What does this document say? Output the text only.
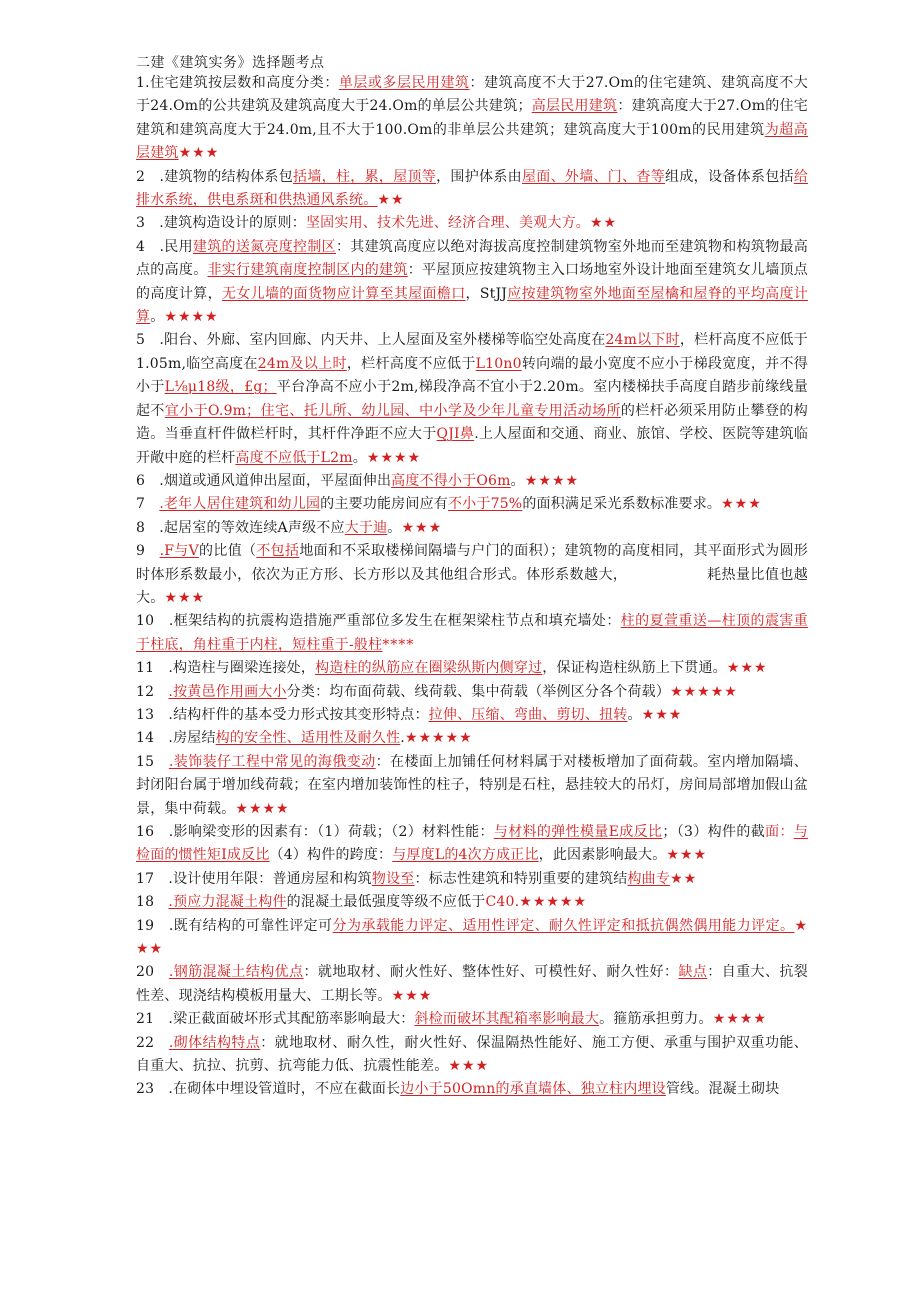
二建《建筑实务》选择题考点
1.住宅建筑按层数和高度分类：单层或多层民用建筑：建筑高度不大于27.Om的住宅建筑、建筑高度不大于24.Om的公共建筑及建筑高度大于24.Om的单层公共建筑；高层民用建筑：建筑高度大于27.Om的住宅建筑和建筑高度大于24.0m,且不大于100.Om的非单层公共建筑；建筑高度大于100m的民用建筑为超高层建筑★★★
2　.建筑物的结构体系包括墙，柱，累，屋顶等，围护体系由屋面、外墙、门、杳等组成，设备体系包括给排水系统，供电系斑和供热通风系统。★★
3　.建筑构造设计的原则：坚固实用、技术先进、经济合理、美观大方。★★
4　.民用建筑的送氮亮度控制区：其建筑高度应以绝对海拔高度控制建筑物室外地而至建筑物和构筑物最高点的高度。非实行建筑南度控制区内的建筑：平屋顶应按建筑物主入口场地室外设计地面至建筑女儿墙顶点的高度计算，无女儿墙的面货物应计算至其屋面檐口，StJJ应按建筑物室外地面至屋檎和屋脊的平均高度计算。★★★★
5　.阳台、外廊、室内回廊、内天井、上人屋面及室外楼梯等临空处高度在24m以下时，栏杆高度不应低于1.05m,临空高度在24m及以上时，栏杆高度不应低于L10n0转向端的最小宽度不应小于梯段宽度，并不得小于L⅛μ18级，£g；平台净高不应小于2m,梯段净高不宜小于2.20m。室内楼梯扶手高度自踏步前缘线量起不宜小于O.9m；住宅、托儿所、幼儿园、中小学及少年儿童专用活动场所的栏杆必须采用防止攀登的构造。当垂直杆件做栏杆时，其杆件净距不应大于QJI鼻.上人屋面和交通、商业、旅馆、学校、医院等建筑临开敞中庭的栏杆高度不应低于L2m。★★★★
6　.烟道或通风道伸出屋面，平屋面伸出高度不得小于O6m。★★★★
7　.老年人居住建筑和幼儿园的主要功能房间应有不小于75%的面积满足采光系数标准要求。★★★
8　.起居室的等效连续A声级不应大于迪。★★★
9　.F与V的比值（不包括地面和不采取楼梯间隔墙与户门的面积）；建筑物的高度相同，其平面形式为圆形时体形系数最小，依次为正方形、长方形以及其他组合形式。体形系数越大，　　　　　　耗热量比值也越大。★★★
10　.框架结构的抗震构造措施严重部位多发生在框架梁柱节点和填充墙处：柱的夏萱重送—柱顶的震害重于柱底，角柱重于内柱，短柱重于-般柱****
11　.构造柱与圈梁连接处，构造柱的纵筋应在圈梁纵斯内侧穿过，保证构造柱纵筋上下贯通。★★★
12　.按黄邑作用画大小分类：均布面荷载、线荷载、集中荷载（举例区分各个荷载）★★★★★
13　.结构杆件的基本受力形式按其变形特点：拉伸、压缩、弯曲、剪切、扭转。★★★
14　.房屋结构的安全性、适用性及耐久性.★★★★★
15　.装饰装仔工程中常见的海俄变动：在楼面上加铺任何材料属于对楼板增加了面荷载。室内增加隔墙、封闭阳台属于增加线荷载；在室内增加装饰性的柱子，特别是石柱，悬挂较大的吊灯，房间局部增加假山盆景，集中荷载。★★★★
16　.影响梁变形的因素有：（1）荷载；（2）材料性能：与材料的弹性模量E成反比；（3）构件的截面：与检面的惯性矩I成反比（4）构件的跨度：与厚度L的4次方成正比，此因素影响最大。★★★
17　.设计使用年限：普通房屋和构筑物设至：标志性建筑和特别重要的建筑结构曲专★★
18　.预应力混凝土构件的混凝土最低强度等级不应低于C40.★★★★★
19　.既有结构的可靠性评定可分为承载能力评定、适用性评定、耐久性评定和抵抗偶然偶用能力评定。★★★
20　.钢筋混凝土结构优点：就地取材、耐火性好、整体性好、可模性好、耐久性好：缺点：自重大、抗裂性差、现浇结构模板用量大、工期长等。★★★
21　.梁正截面破坏形式其配筋率影响最大：斜检而破坏其配箱率影响最大。箍筋承担剪力。★★★★
22　.砌体结构特点：就地取材、耐久性，耐火性好、保温隔热性能好、施工方便、承重与围护双重功能、自重大、抗拉、抗剪、抗弯能力低、抗震性能差。★★★
23　.在砌体中埋设管道时，不应在截面长边小于50Omn的承直墙体、独立柱内埋设管线。混凝土砌块
